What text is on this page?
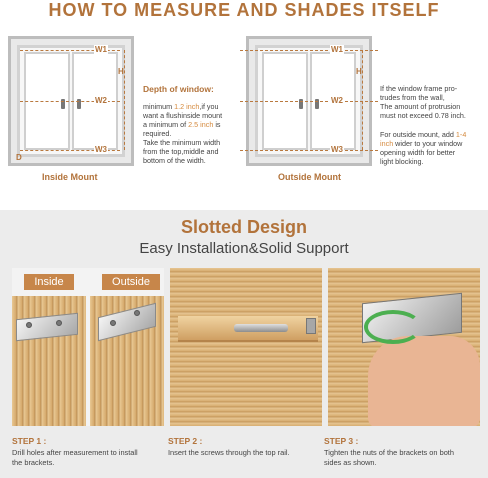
HOW TO MEASURE AND SHADES ITSELF
W1
W2
W3
H
D
Inside Mount
Depth of window:
minimum 1.2 inch,if you
want a flushinside mount
a minimum of 2.5 inch is
required.
Take the minimum width
from the top,middle and
bottom of the width.
W1
W2
W3
H
Outside Mount
If the window frame pro-
trudes from the wall,
The amount of protrusion
must not exceed 0.78 inch.
For outside mount, add 1-4
inch wider to your window
opening width for better
light blocking.
Slotted Design
Easy Installation&Solid Support
Inside	Outside
STEP 1 :
Drill holes after measurement to install
the brackets.
STEP 2 :
Insert the screws through the top rail.
STEP 3 :
Tighten the nuts of the brackets on both
sides as shown.
